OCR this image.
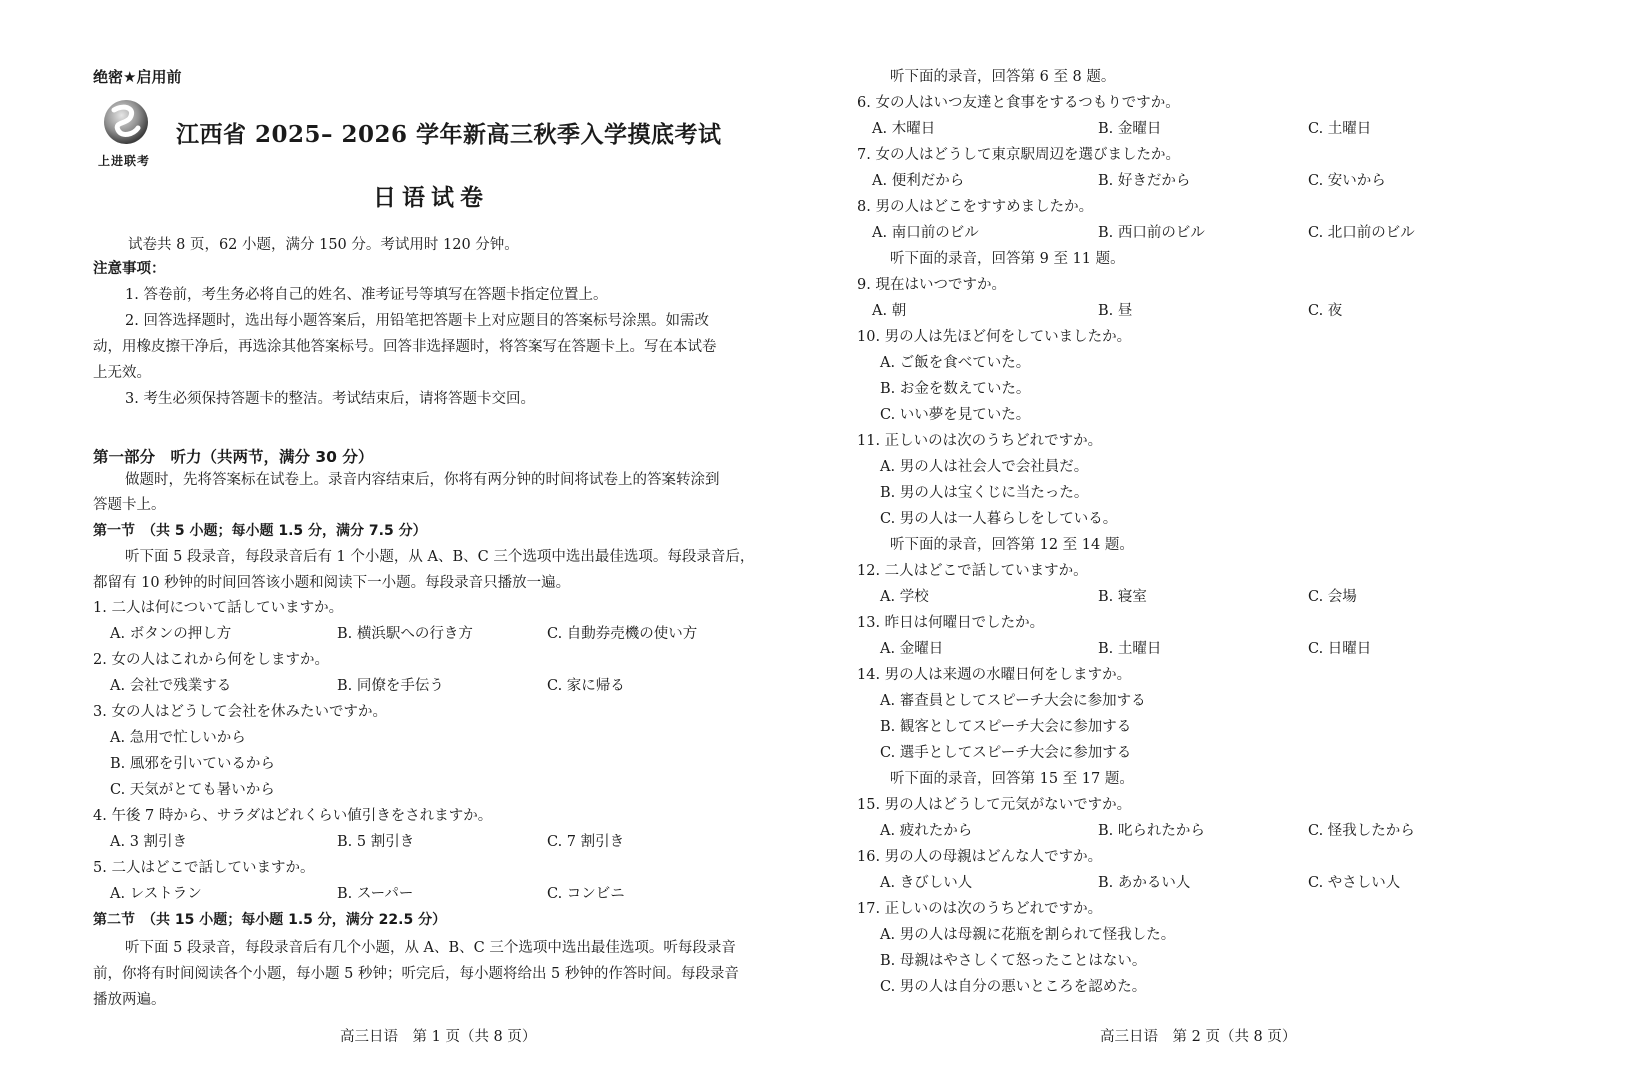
绝密★启用前
上进联考
江西省 2025– 2026 学年新高三秋季入学摸底考试
日语试卷
试卷共 8 页，62 小题，满分 150 分。考试用时 120 分钟。
注意事项：
1. 答卷前，考生务必将自己的姓名、准考证号等填写在答题卡指定位置上。
2. 回答选择题时，选出每小题答案后，用铅笔把答题卡上对应题目的答案标号涂黑。如需改
动，用橡皮擦干净后，再选涂其他答案标号。回答非选择题时，将答案写在答题卡上。写在本试卷
上无效。
3. 考生必须保持答题卡的整洁。考试结束后，请将答题卡交回。
第一部分　听力（共两节，满分 30 分）
做题时，先将答案标在试卷上。录音内容结束后，你将有两分钟的时间将试卷上的答案转涂到
答题卡上。
第一节　（共 5 小题；每小题 1.5 分，满分 7.5 分）
听下面 5 段录音，每段录音后有 1 个小题，从 A、B、C 三个选项中选出最佳选项。每段录音后，
都留有 10 秒钟的时间回答该小题和阅读下一小题。每段录音只播放一遍。
1. 二人は何について話していますか。
A. ボタンの押し方	B. 横浜駅への行き方	C. 自動券売機の使い方
2. 女の人はこれから何をしますか。
A. 会社で残業する	B. 同僚を手伝う	C. 家に帰る
3. 女の人はどうして会社を休みたいですか。
A. 急用で忙しいから
B. 風邪を引いているから
C. 天気がとても暑いから
4. 午後 7 時から、サラダはどれくらい値引きをされますか。
A. 3 割引き	B. 5 割引き	C. 7 割引き
5. 二人はどこで話していますか。
A. レストラン	B. スーパー	C. コンビニ
第二节　（共 15 小题；每小题 1.5 分，满分 22.5 分）
听下面 5 段录音，每段录音后有几个小题，从 A、B、C 三个选项中选出最佳选项。听每段录音
前，你将有时间阅读各个小题，每小题 5 秒钟；听完后，每小题将给出 5 秒钟的作答时间。每段录音
播放两遍。
高三日语　第 1 页（共 8 页）
听下面的录音，回答第 6 至 8 题。
6. 女の人はいつ友達と食事をするつもりですか。
A. 木曜日	B. 金曜日	C. 土曜日
7. 女の人はどうして東京駅周辺を選びましたか。
A. 便利だから	B. 好きだから	C. 安いから
8. 男の人はどこをすすめましたか。
A. 南口前のビル	B. 西口前のビル	C. 北口前のビル
听下面的录音，回答第 9 至 11 题。
9. 現在はいつですか。
A. 朝	B. 昼	C. 夜
10. 男の人は先ほど何をしていましたか。
A. ご飯を食べていた。
B. お金を数えていた。
C. いい夢を見ていた。
11. 正しいのは次のうちどれですか。
A. 男の人は社会人で会社員だ。
B. 男の人は宝くじに当たった。
C. 男の人は一人暮らしをしている。
听下面的录音，回答第 12 至 14 题。
12. 二人はどこで話していますか。
A. 学校	B. 寝室	C. 会場
13. 昨日は何曜日でしたか。
A. 金曜日	B. 土曜日	C. 日曜日
14. 男の人は来週の水曜日何をしますか。
A. 審査員としてスピーチ大会に参加する
B. 観客としてスピーチ大会に参加する
C. 選手としてスピーチ大会に参加する
听下面的录音，回答第 15 至 17 题。
15. 男の人はどうして元気がないですか。
A. 疲れたから	B. 叱られたから	C. 怪我したから
16. 男の人の母親はどんな人ですか。
A. きびしい人	B. あかるい人	C. やさしい人
17. 正しいのは次のうちどれですか。
A. 男の人は母親に花瓶を割られて怪我した。
B. 母親はやさしくて怒ったことはない。
C. 男の人は自分の悪いところを認めた。
高三日语　第 2 页（共 8 页）
